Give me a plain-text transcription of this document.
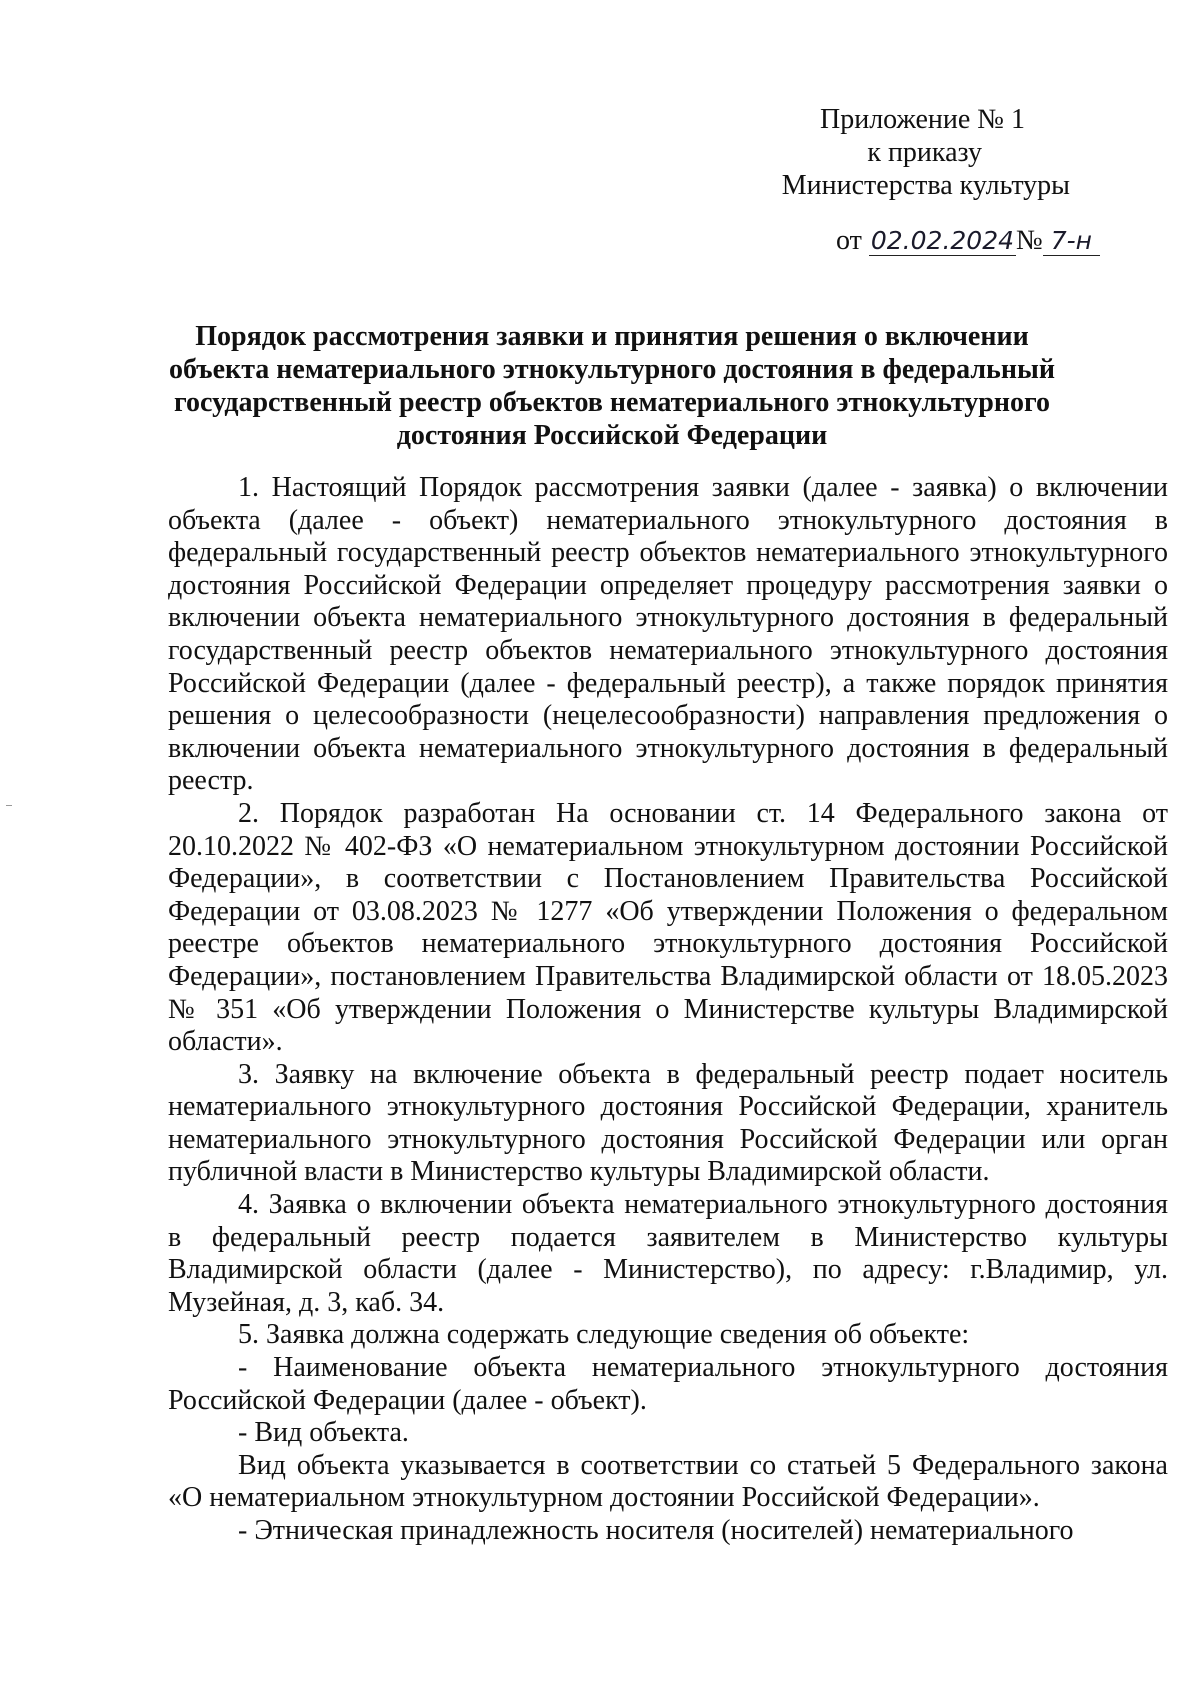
Приложение № 1
к приказу
Министерства культуры
от 02.02.2024№ 7-н
Порядок рассмотрения заявки и принятия решения о включении объекта нематериального этнокультурного достояния в федеральный государственный реестр объектов нематериального этнокультурного достояния Российской Федерации

1. Настоящий Порядок рассмотрения заявки (далее - заявка) о включении объекта (далее - объект) нематериального этнокультурного достояния в федеральный государственный реестр объектов нематериального этнокультурного достояния Российской Федерации определяет процедуру рассмотрения заявки о включении объекта нематериального этнокультурного достояния в федеральный государственный реестр объектов нематериального этнокультурного достояния Российской Федерации (далее - федеральный реестр), а также порядок принятия решения о целесообразности (нецелесообразности) направления предложения о включении объекта нематериального этнокультурного достояния в федеральный реестр.

2. Порядок разработан На основании ст. 14 Федерального закона от 20.10.2022 № 402-ФЗ «О нематериальном этнокультурном достоянии Российской Федерации», в соответствии с Постановлением Правительства Российской Федерации от 03.08.2023 № 1277 «Об утверждении Положения о федеральном реестре объектов нематериального этнокультурного достояния Российской Федерации», постановлением Правительства Владимирской области от 18.05.2023 № 351 «Об утверждении Положения о Министерстве культуры Владимирской области».

3. Заявку на включение объекта в федеральный реестр подает носитель нематериального этнокультурного достояния Российской Федерации, хранитель нематериального этнокультурного достояния Российской Федерации или орган публичной власти в Министерство культуры Владимирской области.

4. Заявка о включении объекта нематериального этнокультурного достояния в федеральный реестр подается заявителем в Министерство культуры Владимирской области (далее - Министерство), по адресу: г.Владимир, ул. Музейная, д. 3, каб. 34.

5. Заявка должна содержать следующие сведения об объекте:

- Наименование объекта нематериального этнокультурного достояния Российской Федерации (далее - объект).

- Вид объекта.

Вид объекта указывается в соответствии со статьей 5 Федерального закона «О нематериальном этнокультурном достоянии Российской Федерации».

- Этническая принадлежность носителя (носителей) нематериального
